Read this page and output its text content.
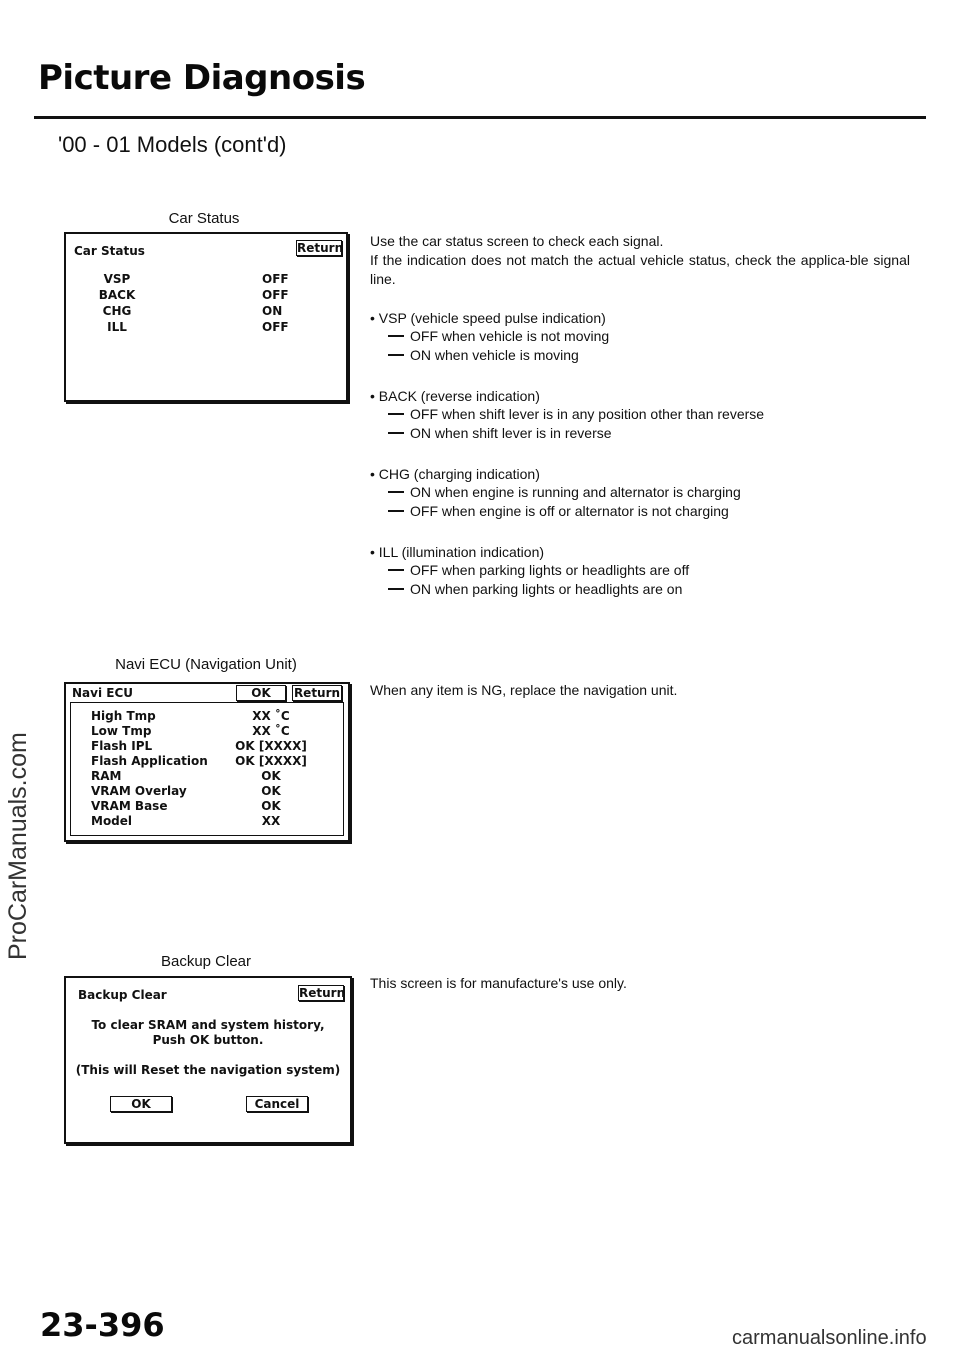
Picture Diagnosis
'00 - 01 Models (cont'd)
ProCarManuals.com
Car Status
Car Status	Return
VSP	OFF
BACK	OFF
CHG	ON
ILL	OFF
Use the car status screen to check each signal.
If the indication does not match the actual vehicle status, check the applica-ble signal line.
• VSP (vehicle speed pulse indication)
OFF when vehicle is not moving
ON when vehicle is moving
• BACK (reverse indication)
OFF when shift lever is in any position other than reverse
ON when shift lever is in reverse
• CHG (charging indication)
ON when engine is running and alternator is charging
OFF when engine is off or alternator is not charging
• ILL (illumination indication)
OFF when parking lights or headlights are off
ON when parking lights or headlights are on
Navi ECU (Navigation Unit)
Navi ECU	OK	Return
High Tmp	XX ˚C
Low Tmp	XX ˚C
Flash IPL	OK [XXXX]
Flash Application	OK [XXXX]
RAM	OK
VRAM Overlay	OK
VRAM Base	OK
Model	XX
When any item is NG, replace the navigation unit.
Backup Clear
Backup Clear	Return
To clear SRAM and system history,
Push OK button.
(This will Reset the navigation system)
OK	Cancel
This screen is for manufacture's use only.
23-396	carmanualsonline.info
